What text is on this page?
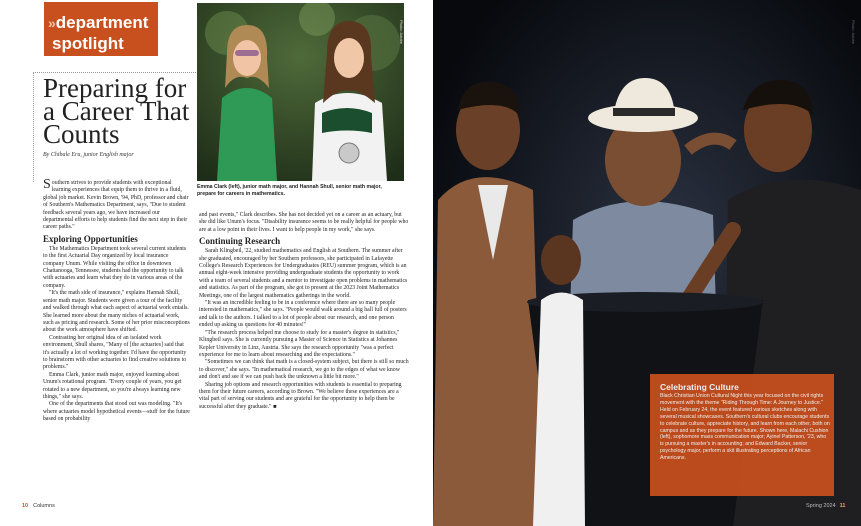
»department
spotlight
Preparing for a Career That Counts
By Chibale Eru, junior English major
Photo: Adobe
Emma Clark (left), junior math major, and Hannah Shull, senior math major, prepare for careers in mathematics.

Southern strives to provide students with exceptional learning experiences that equip them to thrive in a fluid, global job market. Kevin Brown, '94, PhD, professor and chair of Southern's Mathematics Department, says, "Due to student feedback several years ago, we have increased our departmental efforts to help students find the next step in their career paths."

Exploring Opportunities

The Mathematics Department took several current students to the first Actuarial Day organized by local insurance company Unum. While visiting the office in downtown Chattanooga, Tennessee, students had the opportunity to talk with actuaries and learn what they do in various areas of the company.

"It's the math side of insurance," explains Hannah Shull, senior math major. Students were given a tour of the facility and walked through what each aspect of actuarial work entails. She learned more about the many niches of actuarial work, such as pricing and research. Some of her prior misconceptions about the work atmosphere have shifted.

Contrasting her original idea of an isolated work environment, Shull shares, "Many of [the actuaries] said that it's actually a lot of working together. I'd have the opportunity to brainstorm with other actuaries to find creative solutions to problems."

Emma Clark, junior math major, enjoyed learning about Unum's rotational program. "Every couple of years, you get rotated to a new department, so you're always learning new things," she says.

One of the departments that stood out was modeling. "It's where actuaries model hypothetical events—stuff for the future based on probability

and past events," Clark describes. She has not decided yet on a career as an actuary, but she did like Unum's focus. "Disability insurance seems to be really helpful for people who are at a low point in their lives. I want to help people in my work," she says.

Continuing Research

Sarah Klingbeil, '22, studied mathematics and English at Southern. The summer after she graduated, encouraged by her Southern professors, she participated in Lafayette College's Research Experiences for Undergraduates (REU) summer program, which is an annual eight-week intensive providing undergraduate students the opportunity to work with a team of several students and a mentor to investigate open problems in mathematics and statistics. As part of the program, she got to present at the 2023 Joint Mathematics Meetings, one of the largest mathematics gatherings in the world.

"It was an incredible feeling to be in a conference where there are so many people interested in mathematics," she says. "People would walk around a big hall full of posters and talk to the authors. I talked to a lot of people about our research, and one person ended up asking us questions for 40 minutes!"

"The research process helped me choose to study for a master's degree in statistics," Klingbeil says. She is currently pursuing a Master of Science in Statistics at Johannes Kepler University in Linz, Austria. She says the research opportunity "was a perfect experience for me to learn about researching and the expectations."

"Sometimes we can think that math is a closed-system subject, but there is still so much to discover," she says. "In mathematical research, we go to the edges of what we know and don't and see if we can push back the unknown a little bit more."

Sharing job options and research opportunities with students is essential to preparing them for their future careers, according to Brown. "We believe these experiences are a vital part of serving our students and are grateful for the opportunity to help them be successful after they graduate." ■

10 Columns
Photo: Adobe
Celebrating Culture

Black Christian Union Cultural Night this year focused on the civil rights movement with the theme "Riding Through Time: A Journey to Justice." Held on February 24, the event featured various sketches along with several musical showcases. Southern's cultural clubs encourage students to celebrate culture, appreciate history, and learn from each other, both on campus and as they prepare for the future. Shown here, Malachi Cushion (left), sophomore mass communication major; Ayinel Patterson, '23, who is pursuing a master's in accounting; and Edward Backer, senior psychology major, perform a skit illustrating perceptions of African Americans.

Spring 2024 11
